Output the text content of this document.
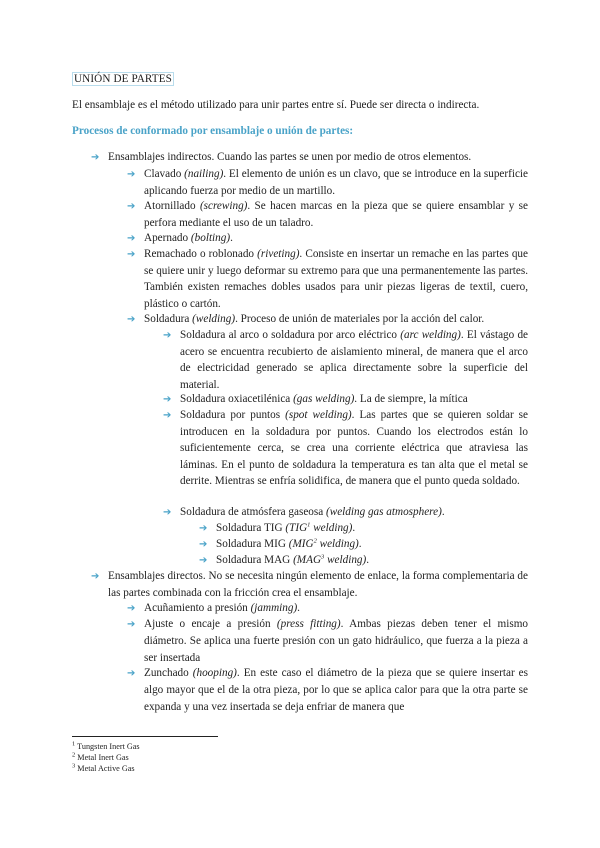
UNIÓN DE PARTES
El ensamblaje es el método utilizado para unir partes entre sí. Puede ser directa o indirecta.
Procesos de conformado por ensamblaje o unión de partes:
➔ Ensamblajes indirectos. Cuando las partes se unen por medio de otros elementos.
➔ Clavado (nailing). El elemento de unión es un clavo, que se introduce en la superficie aplicando fuerza por medio de un martillo.
➔ Atornillado (screwing). Se hacen marcas en la pieza que se quiere ensamblar y se perfora mediante el uso de un taladro.
➔ Apernado (bolting).
➔ Remachado o roblonado (riveting). Consiste en insertar un remache en las partes que se quiere unir y luego deformar su extremo para que una permanentemente las partes. También existen remaches dobles usados para unir piezas ligeras de textil, cuero, plástico o cartón.
➔ Soldadura (welding). Proceso de unión de materiales por la acción del calor.
➔ Soldadura al arco o soldadura por arco eléctrico (arc welding). El vástago de acero se encuentra recubierto de aislamiento mineral, de manera que el arco de electricidad generado se aplica directamente sobre la superficie del material.
➔ Soldadura oxiacetilénica (gas welding). La de siempre, la mítica
➔ Soldadura por puntos (spot welding). Las partes que se quieren soldar se introducen en la soldadura por puntos. Cuando los electrodos están lo suficientemente cerca, se crea una corriente eléctrica que atraviesa las láminas. En el punto de soldadura la temperatura es tan alta que el metal se derrite. Mientras se enfría solidifica, de manera que el punto queda soldado.
➔ Soldadura de atmósfera gaseosa (welding gas atmosphere).
➔ Soldadura TIG (TIG$^1$ welding).
➔ Soldadura MIG (MIG$^2$ welding).
➔ Soldadura MAG (MAG$^3$ welding).
➔ Ensamblajes directos. No se necesita ningún elemento de enlace, la forma complementaria de las partes combinada con la fricción crea el ensamblaje.
➔ Acuñamiento a presión (jamming).
➔ Ajuste o encaje a presión (press fitting). Ambas piezas deben tener el mismo diámetro. Se aplica una fuerte presión con un gato hidráulico, que fuerza a la pieza a ser insertada
➔ Zunchado (hooping). En este caso el diámetro de la pieza que se quiere insertar es algo mayor que el de la otra pieza, por lo que se aplica calor para que la otra parte se expanda y una vez insertada se deja enfriar de manera que
$^1$ Tungsten Inert Gas
$^2$ Metal Inert Gas
$^3$ Metal Active Gas
